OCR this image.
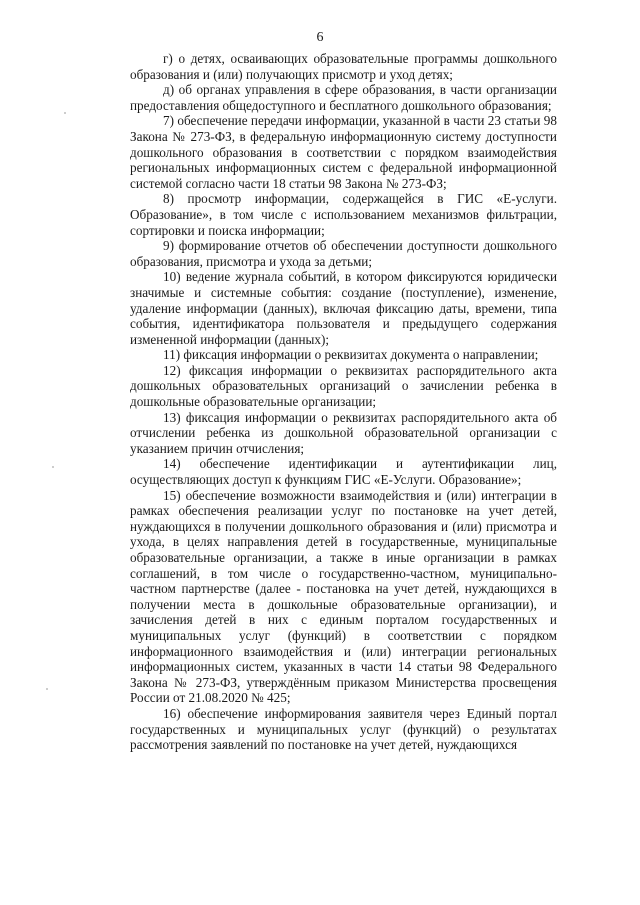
6

г) о детях, осваивающих образовательные программы дошкольного образования и (или) получающих присмотр и уход детях;

д) об органах управления в сфере образования, в части организации предоставления общедоступного и бесплатного дошкольного образования;

7) обеспечение передачи информации, указанной в части 23 статьи 98 Закона № 273-ФЗ, в федеральную информационную систему доступности дошкольного образования в соответствии с порядком взаимодействия региональных информационных систем с федеральной информационной системой согласно части 18 статьи 98 Закона № 273-ФЗ;

8) просмотр информации, содержащейся в ГИС «Е-услуги. Образование», в том числе с использованием механизмов фильтрации, сортировки и поиска информации;

9) формирование отчетов об обеспечении доступности дошкольного образования, присмотра и ухода за детьми;

10) ведение журнала событий, в котором фиксируются юридически значимые и системные события: создание (поступление), изменение, удаление информации (данных), включая фиксацию даты, времени, типа события, идентификатора пользователя и предыдущего содержания измененной информации (данных);

11) фиксация информации о реквизитах документа о направлении;

12) фиксация информации о реквизитах распорядительного акта дошкольных образовательных организаций о зачислении ребенка в дошкольные образовательные организации;

13) фиксация информации о реквизитах распорядительного акта об отчислении ребенка из дошкольной образовательной организации с указанием причин отчисления;

14) обеспечение идентификации и аутентификации лиц, осуществляющих доступ к функциям ГИС «Е-Услуги. Образование»;

15) обеспечение возможности взаимодействия и (или) интеграции в рамках обеспечения реализации услуг по постановке на учет детей, нуждающихся в получении дошкольного образования и (или) присмотра и ухода, в целях направления детей в государственные, муниципальные образовательные организации, а также в иные организации в рамках соглашений, в том числе о государственно-частном, муниципально-частном партнерстве (далее - постановка на учет детей, нуждающихся в получении места в дошкольные образовательные организации), и зачисления детей в них с единым порталом государственных и муниципальных услуг (функций) в соответствии с порядком информационного взаимодействия и (или) интеграции региональных информационных систем, указанных в части 14 статьи 98 Федерального Закона № 273-ФЗ, утверждённым приказом Министерства просвещения России от 21.08.2020 № 425;

16) обеспечение информирования заявителя через Единый портал государственных и муниципальных услуг (функций) о результатах рассмотрения заявлений по постановке на учет детей, нуждающихся
